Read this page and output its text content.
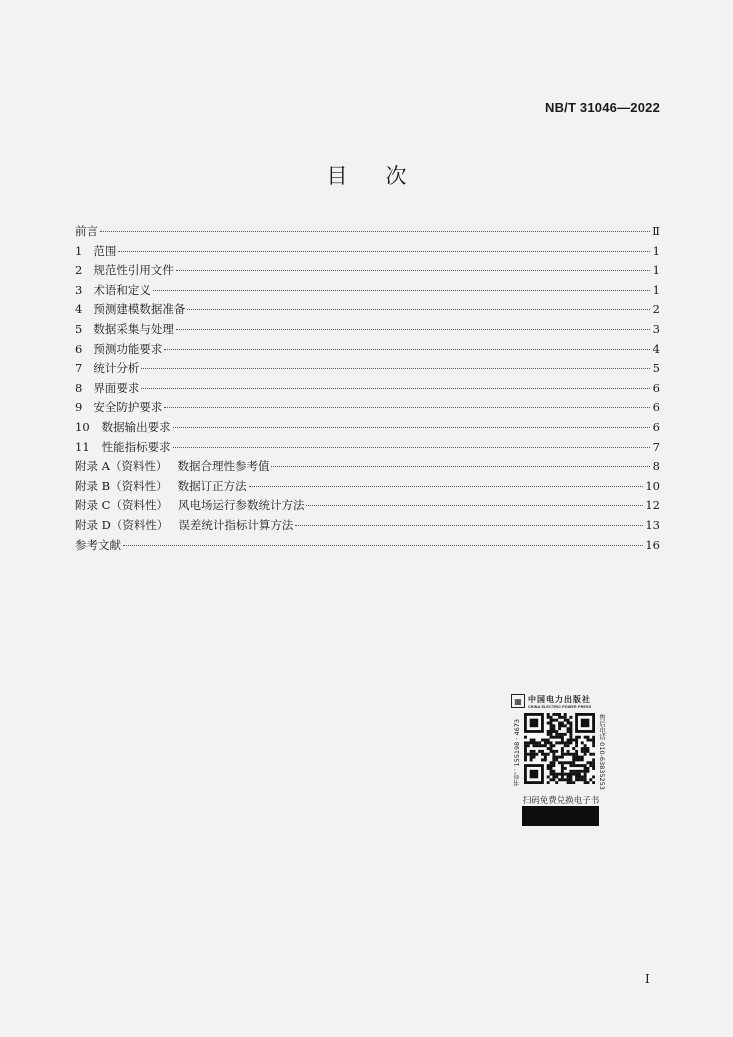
NB/T 31046—2022
目 次
前言	Ⅱ
1 范围	1
2 规范性引用文件	1
3 术语和定义	1
4 预测建模数据准备	2
5 数据采集与处理	3
6 预测功能要求	4
7 统计分析	5
8 界面要求	6
9 安全防护要求	6
10 数据输出要求	6
11 性能指标要求	7
附录 A（资料性） 数据合理性参考值	8
附录 B（资料性） 数据订正方法	10
附录 C（资料性） 风电场运行参数统计方法	12
附录 D（资料性） 误差统计指标计算方法	13
参考文献	16
▦ 中国电力出版社
CHINA ELECTRIC POWER PRESS
书号：155198 · 4673	售后电话 010-63835253
扫码免费兑换电子书
I
